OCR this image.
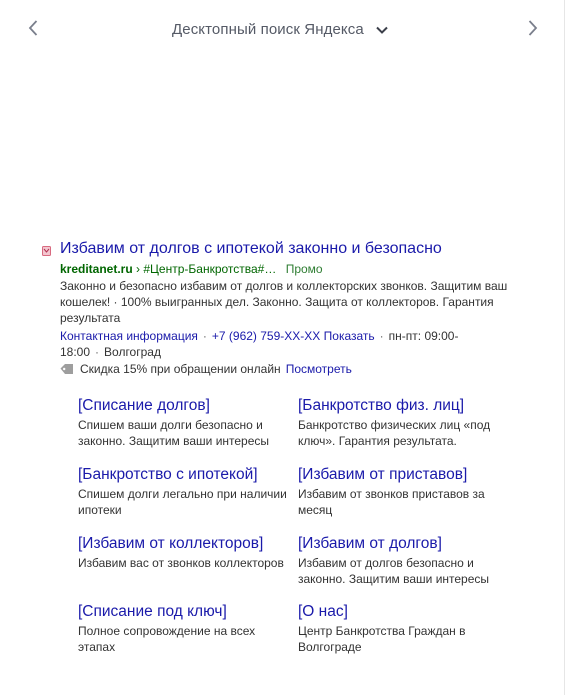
Десктопный поиск Яндекса
Избавим от долгов с ипотекой законно и безопасно
kreditanet.ru › #Центр-Банкротства#… Промо
Законно и безопасно избавим от долгов и коллекторских звонков. Защитим ваш кошелек! · 100% выигранных дел. Законно. Защита от коллекторов. Гарантия результата
Контактная информация · +7 (962) 759-XX-XX Показать · пн-пт: 09:00-18:00 · Волгоград
Скидка 15% при обращении онлайн Посмотреть
[Списание долгов]
Спишем ваши долги безопасно и законно. Защитим ваши интересы
[Банкротство физ. лиц]
Банкротство физических лиц «под ключ». Гарантия результата.
[Банкротство с ипотекой]
Спишем долги легально при наличии ипотеки
[Избавим от приставов]
Избавим от звонков приставов за месяц
[Избавим от коллекторов]
Избавим вас от звонков коллекторов
[Избавим от долгов]
Избавим от долгов безопасно и законно. Защитим ваши интересы
[Списание под ключ]
Полное сопровождение на всех этапах
[О нас]
Центр Банкротства Граждан в Волгограде
